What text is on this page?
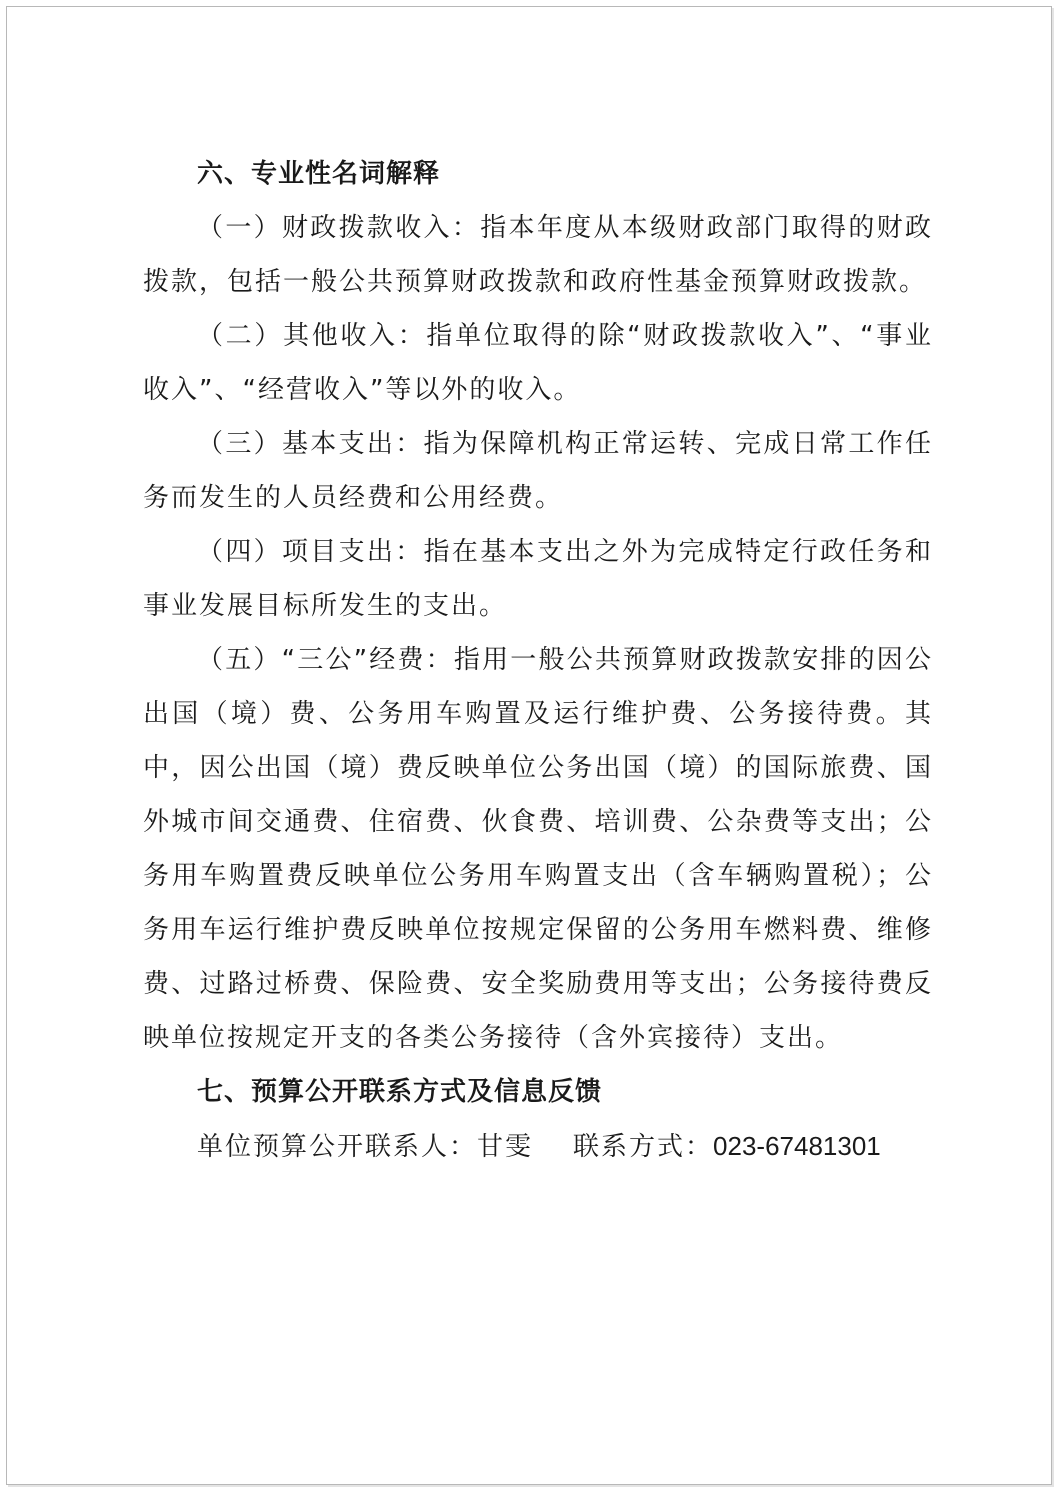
六、专业性名词解释

（一）财政拨款收入：指本年度从本级财政部门取得的财政拨款，包括一般公共预算财政拨款和政府性基金预算财政拨款。

（二）其他收入：指单位取得的除“财政拨款收入”、“事业收入”、“经营收入”等以外的收入。

（三）基本支出：指为保障机构正常运转、完成日常工作任务而发生的人员经费和公用经费。

（四）项目支出：指在基本支出之外为完成特定行政任务和事业发展目标所发生的支出。

（五）“三公”经费：指用一般公共预算财政拨款安排的因公出国（境）费、公务用车购置及运行维护费、公务接待费。其中，因公出国（境）费反映单位公务出国（境）的国际旅费、国外城市间交通费、住宿费、伙食费、培训费、公杂费等支出；公务用车购置费反映单位公务用车购置支出（含车辆购置税）；公务用车运行维护费反映单位按规定保留的公务用车燃料费、维修费、过路过桥费、保险费、安全奖励费用等支出；公务接待费反映单位按规定开支的各类公务接待（含外宾接待）支出。

七、预算公开联系方式及信息反馈

单位预算公开联系人：甘雯 联系方式：023-67481301
